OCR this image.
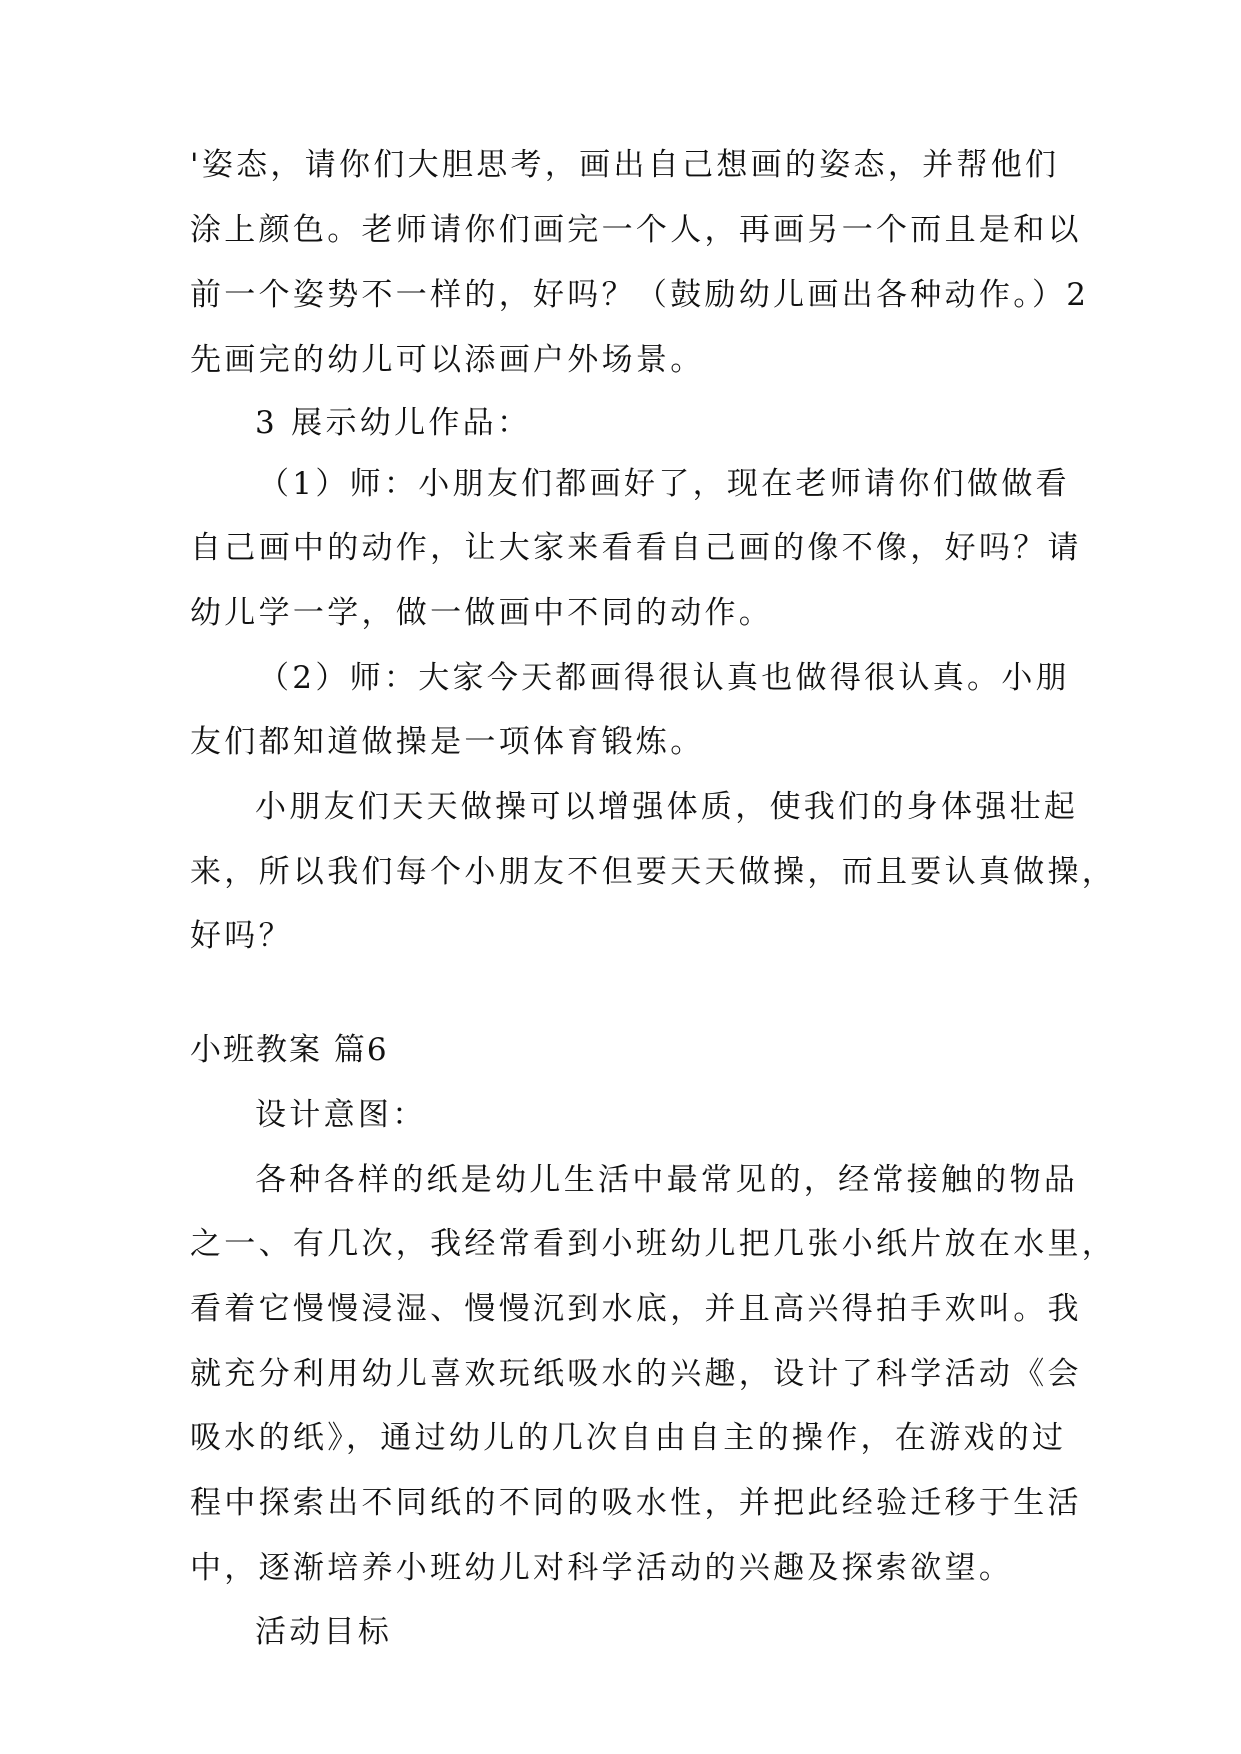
'姿态，请你们大胆思考，画出自己想画的姿态，并帮他们
涂上颜色。老师请你们画完一个人，再画另一个而且是和以
前一个姿势不一样的，好吗？（鼓励幼儿画出各种动作。）2
先画完的幼儿可以添画户外场景。
3 展示幼儿作品：
（1）师：小朋友们都画好了，现在老师请你们做做看
自己画中的动作，让大家来看看自己画的像不像，好吗？请
幼儿学一学，做一做画中不同的动作。
（2）师：大家今天都画得很认真也做得很认真。小朋
友们都知道做操是一项体育锻炼。
小朋友们天天做操可以增强体质，使我们的身体强壮起
来，所以我们每个小朋友不但要天天做操，而且要认真做操，
好吗？
小班教案 篇6
设计意图：
各种各样的纸是幼儿生活中最常见的，经常接触的物品
之一、有几次，我经常看到小班幼儿把几张小纸片放在水里，
看着它慢慢浸湿、慢慢沉到水底，并且高兴得拍手欢叫。我
就充分利用幼儿喜欢玩纸吸水的兴趣，设计了科学活动《会
吸水的纸》，通过幼儿的几次自由自主的操作，在游戏的过
程中探索出不同纸的不同的吸水性，并把此经验迁移于生活
中，逐渐培养小班幼儿对科学活动的兴趣及探索欲望。
活动目标
